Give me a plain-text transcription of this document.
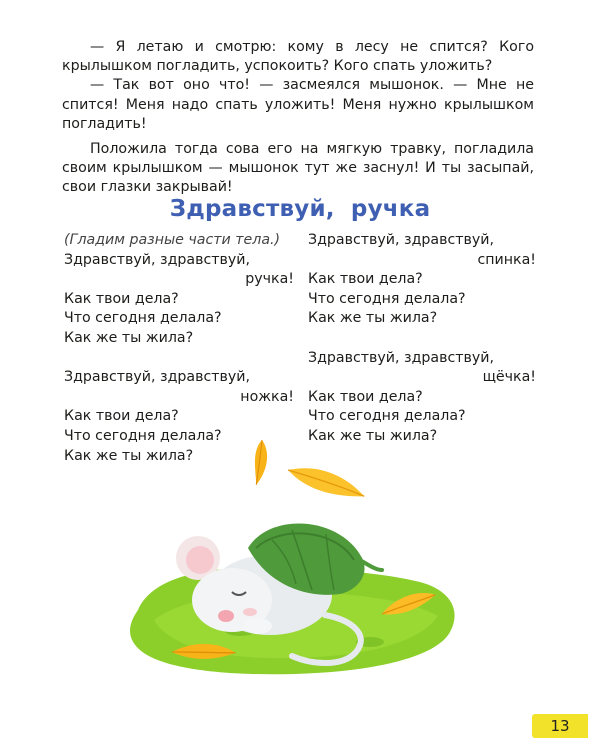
— Я летаю и смотрю: кому в лесу не спится? Кого крылышком погладить, успокоить? Кого спать уложить?

— Так вот оно что! — засмеялся мышонок. — Мне не спится! Меня надо спать уложить! Меня нужно крылышком погладить!

Положила тогда сова его на мягкую травку, погладила своим крылышком — мышонок тут же заснул! И ты засыпай, свои глазки закрывай!

Здравствуй, ручка
(Гладим разные части тела.)
Здравствуй, здравствуй,
ручка!
Как твои дела?
Что сегодня делала?
Как же ты жила?
Здравствуй, здравствуй,
ножка!
Как твои дела?
Что сегодня делала?
Как же ты жила?
Здравствуй, здравствуй,
спинка!
Как твои дела?
Что сегодня делала?
Как же ты жила?
Здравствуй, здравствуй,
щёчка!
Как твои дела?
Что сегодня делала?
Как же ты жила?
13
